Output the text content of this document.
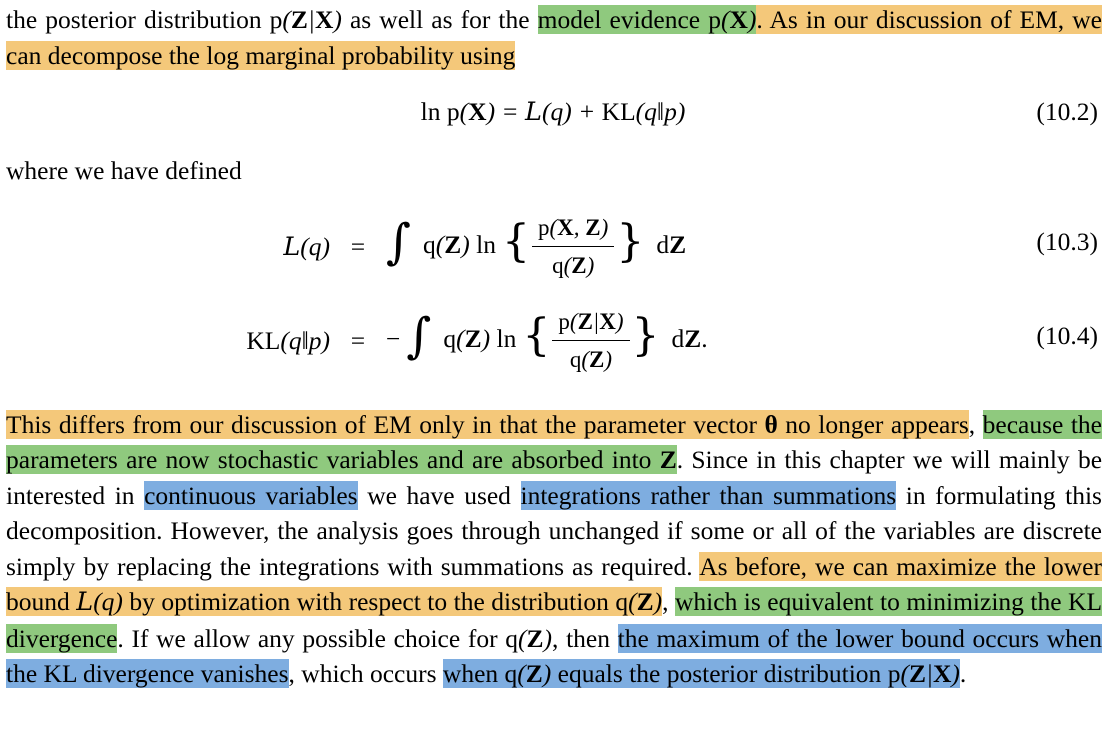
the posterior distribution p(Z|X) as well as for the model evidence p(X). As in our discussion of EM, we can decompose the log marginal probability using

ln p(X) = L(q) + KL(q‖p)	(10.2)

where we have defined

L(q) = ∫ q(Z) ln { $\frac{p(X, Z)}{q(Z)}$ } dZ	(10.3)
KL(q‖p) = − ∫ q(Z) ln { $\frac{p(Z|X)}{q(Z)}$ } dZ.	(10.4)

This differs from our discussion of EM only in that the parameter vector θ no longer appears, because the parameters are now stochastic variables and are absorbed into Z. Since in this chapter we will mainly be interested in continuous variables we have used integrations rather than summations in formulating this decomposition. However, the analysis goes through unchanged if some or all of the variables are discrete simply by replacing the integrations with summations as required. As before, we can maximize the lower bound L(q) by optimization with respect to the distribution q(Z), which is equivalent to minimizing the KL divergence. If we allow any possible choice for q(Z), then the maximum of the lower bound occurs when the KL divergence vanishes, which occurs when q(Z) equals the posterior distribution p(Z|X).
